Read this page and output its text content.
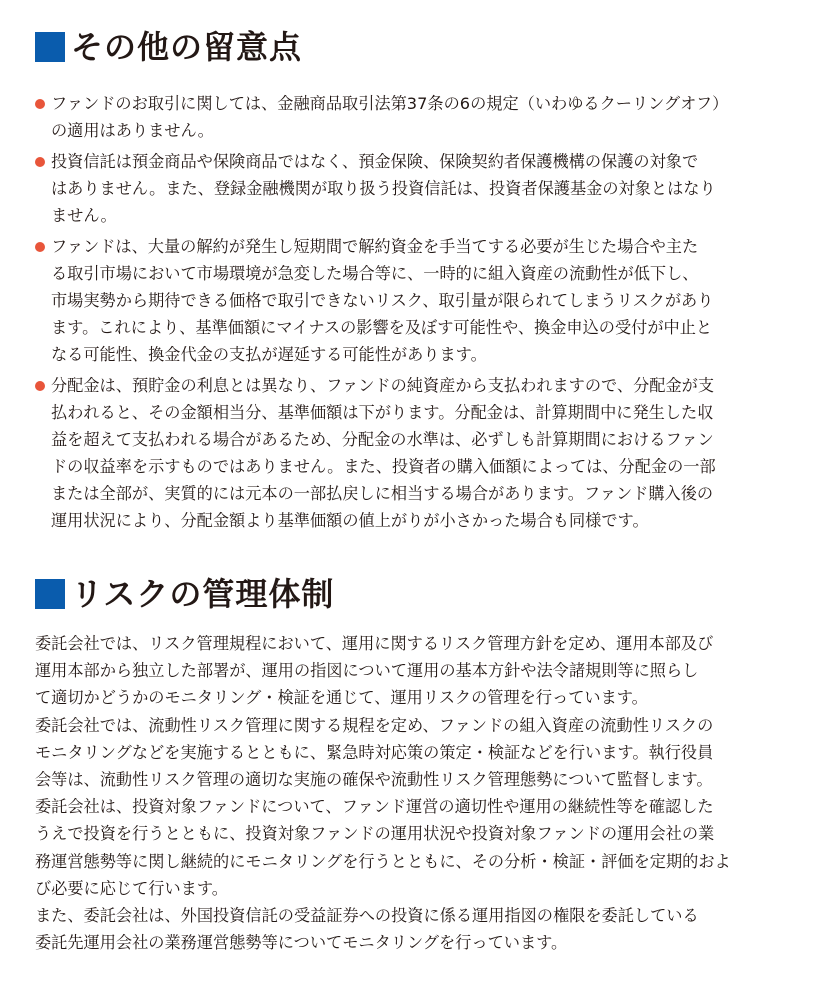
その他の留意点
ファンドのお取引に関しては、金融商品取引法第37条の6の規定（いわゆるクーリングオフ）
の適用はありません。
投資信託は預金商品や保険商品ではなく、預金保険、保険契約者保護機構の保護の対象で
はありません。また、登録金融機関が取り扱う投資信託は、投資者保護基金の対象とはなり
ません。
ファンドは、大量の解約が発生し短期間で解約資金を手当てする必要が生じた場合や主た
る取引市場において市場環境が急変した場合等に、一時的に組入資産の流動性が低下し、
市場実勢から期待できる価格で取引できないリスク、取引量が限られてしまうリスクがあり
ます。これにより、基準価額にマイナスの影響を及ぼす可能性や、換金申込の受付が中止と
なる可能性、換金代金の支払が遅延する可能性があります。
分配金は、預貯金の利息とは異なり、ファンドの純資産から支払われますので、分配金が支
払われると、その金額相当分、基準価額は下がります。分配金は、計算期間中に発生した収
益を超えて支払われる場合があるため、分配金の水準は、必ずしも計算期間におけるファン
ドの収益率を示すものではありません。また、投資者の購入価額によっては、分配金の一部
または全部が、実質的には元本の一部払戻しに相当する場合があります。ファンド購入後の
運用状況により、分配金額より基準価額の値上がりが小さかった場合も同様です。
リスクの管理体制
委託会社では、リスク管理規程において、運用に関するリスク管理方針を定め、運用本部及び
運用本部から独立した部署が、運用の指図について運用の基本方針や法令諸規則等に照らし
て適切かどうかのモニタリング・検証を通じて、運用リスクの管理を行っています。
委託会社では、流動性リスク管理に関する規程を定め、ファンドの組入資産の流動性リスクの
モニタリングなどを実施するとともに、緊急時対応策の策定・検証などを行います。執行役員
会等は、流動性リスク管理の適切な実施の確保や流動性リスク管理態勢について監督します。
委託会社は、投資対象ファンドについて、ファンド運営の適切性や運用の継続性等を確認した
うえで投資を行うとともに、投資対象ファンドの運用状況や投資対象ファンドの運用会社の業
務運営態勢等に関し継続的にモニタリングを行うとともに、その分析・検証・評価を定期的およ
び必要に応じて行います。
また、委託会社は、外国投資信託の受益証券への投資に係る運用指図の権限を委託している
委託先運用会社の業務運営態勢等についてモニタリングを行っています。
